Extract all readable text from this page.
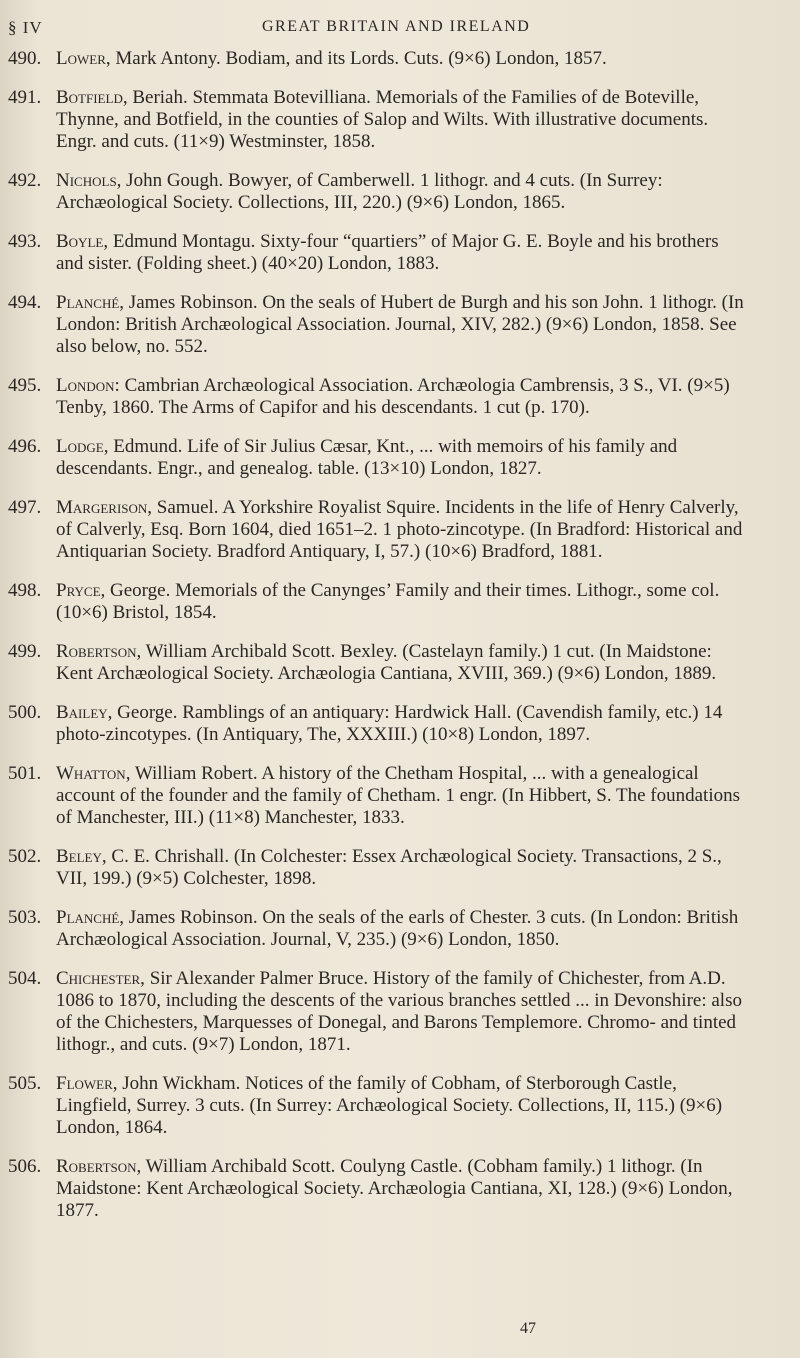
§ IV	GREAT BRITAIN AND IRELAND
490. Lower, Mark Antony. Bodiam, and its Lords. Cuts. (9×6) London, 1857.
491. Botfield, Beriah. Stemmata Botevilliana. Memorials of the Families of de Boteville, Thynne, and Botfield, in the counties of Salop and Wilts. With illustrative documents. Engr. and cuts. (11×9) Westminster, 1858.
492. Nichols, John Gough. Bowyer, of Camberwell. 1 lithogr. and 4 cuts. (In Surrey: Archæological Society. Collections, III, 220.) (9×6) London, 1865.
493. Boyle, Edmund Montagu. Sixty-four “quartiers” of Major G. E. Boyle and his brothers and sister. (Folding sheet.) (40×20) London, 1883.
494. Planché, James Robinson. On the seals of Hubert de Burgh and his son John. 1 lithogr. (In London: British Archæological Association. Journal, XIV, 282.) (9×6) London, 1858. See also below, no. 552.
495. London: Cambrian Archæological Association. Archæologia Cambrensis, 3 S., VI. (9×5) Tenby, 1860. The Arms of Capifor and his descendants. 1 cut (p. 170).
496. Lodge, Edmund. Life of Sir Julius Cæsar, Knt., ... with memoirs of his family and descendants. Engr., and genealog. table. (13×10) London, 1827.
497. Margerison, Samuel. A Yorkshire Royalist Squire. Incidents in the life of Henry Calverly, of Calverly, Esq. Born 1604, died 1651–2. 1 photo-zincotype. (In Bradford: Historical and Antiquarian Society. Bradford Antiquary, I, 57.) (10×6) Bradford, 1881.
498. Pryce, George. Memorials of the Canynges’ Family and their times. Lithogr., some col. (10×6) Bristol, 1854.
499. Robertson, William Archibald Scott. Bexley. (Castelayn family.) 1 cut. (In Maidstone: Kent Archæological Society. Archæologia Cantiana, XVIII, 369.) (9×6) London, 1889.
500. Bailey, George. Ramblings of an antiquary: Hardwick Hall. (Cavendish family, etc.) 14 photo-zincotypes. (In Antiquary, The, XXXIII.) (10×8) London, 1897.
501. Whatton, William Robert. A history of the Chetham Hospital, ... with a genealogical account of the founder and the family of Chetham. 1 engr. (In Hibbert, S. The foundations of Manchester, III.) (11×8) Manchester, 1833.
502. Beley, C. E. Chrishall. (In Colchester: Essex Archæological Society. Transactions, 2 S., VII, 199.) (9×5) Colchester, 1898.
503. Planché, James Robinson. On the seals of the earls of Chester. 3 cuts. (In London: British Archæological Association. Journal, V, 235.) (9×6) London, 1850.
504. Chichester, Sir Alexander Palmer Bruce. History of the family of Chichester, from A.D. 1086 to 1870, including the descents of the various branches settled ... in Devonshire: also of the Chichesters, Marquesses of Donegal, and Barons Templemore. Chromo- and tinted lithogr., and cuts. (9×7) London, 1871.
505. Flower, John Wickham. Notices of the family of Cobham, of Sterborough Castle, Lingfield, Surrey. 3 cuts. (In Surrey: Archæological Society. Collections, II, 115.) (9×6) London, 1864.
506. Robertson, William Archibald Scott. Coulyng Castle. (Cobham family.) 1 lithogr. (In Maidstone: Kent Archæological Society. Archæologia Cantiana, XI, 128.) (9×6) London, 1877.
47
